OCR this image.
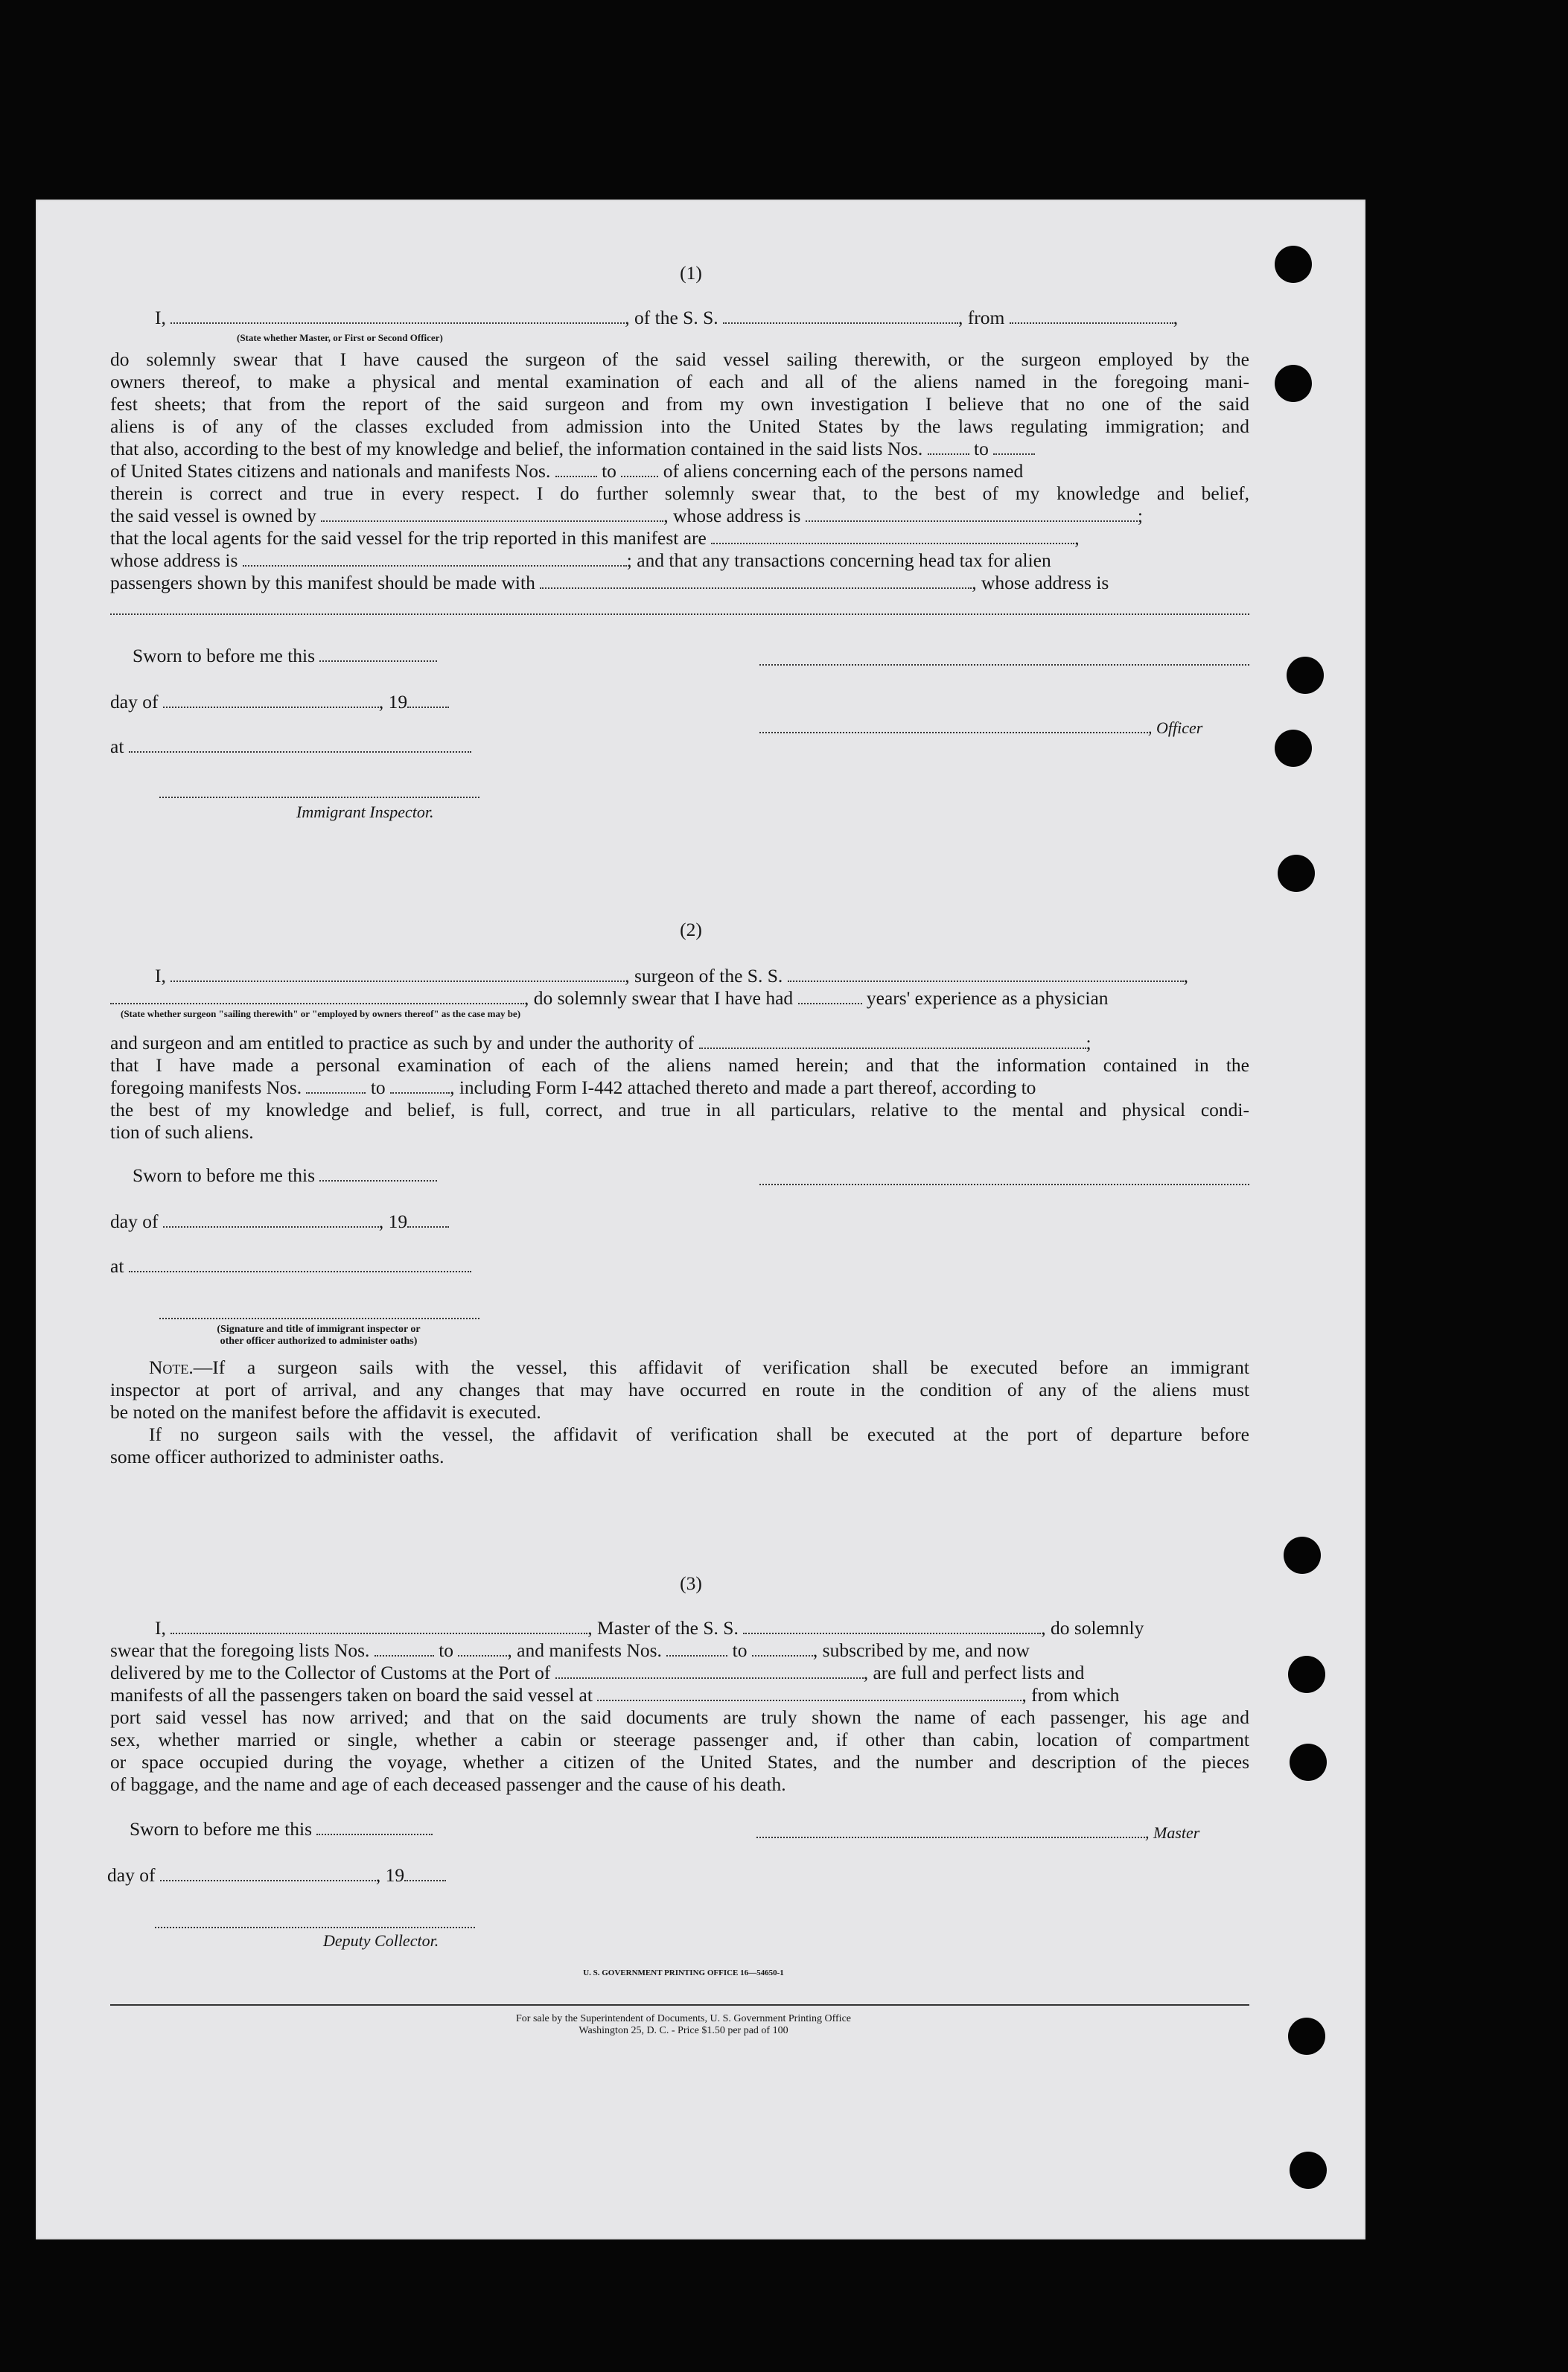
(1)
I,	, of the S. S.	, from	,
(State whether Master, or First or Second Officer)
do solemnly swear that I have caused the surgeon of the said vessel sailing therewith, or the surgeon employed by the
owners thereof, to make a physical and mental examination of each and all of the aliens named in the foregoing mani-
fest sheets; that from the report of the said surgeon and from my own investigation I believe that no one of the said
aliens is of any of the classes excluded from admission into the United States by the laws regulating immigration; and
that also, according to the best of my knowledge and belief, the information contained in the said lists Nos.	to
of United States citizens and nationals and manifests Nos.	to of aliens concerning each of the persons named
therein is correct and true in every respect. I do further solemnly swear that, to the best of my knowledge and belief,
the said vessel is owned by	, whose address is	;
that the local agents for the said vessel for the trip reported in this manifest are	,
whose address is	; and that any transactions concerning head tax for alien
passengers shown by this manifest should be made with	, whose address is
Sworn to before me this
day of	, 19
, Officer
at
Immigrant Inspector.
(2)
I,	, surgeon of the S. S.	,
, do solemnly swear that I have had	years' experience as a physician
(State whether surgeon "sailing therewith" or "employed by owners thereof" as the case may be)
and surgeon and am entitled to practice as such by and under the authority of	;
that I have made a personal examination of each of the aliens named herein; and that the information contained in the
foregoing manifests Nos.	to	, including Form I-442 attached thereto and made a part thereof, according to
the best of my knowledge and belief, is full, correct, and true in all particulars, relative to the mental and physical condi-
tion of such aliens.
Sworn to before me this
day of	, 19
at
(Signature and title of immigrant inspector or
other officer authorized to administer oaths)
Note.—If a surgeon sails with the vessel, this affidavit of verification shall be executed before an immigrant
inspector at port of arrival, and any changes that may have occurred en route in the condition of any of the aliens must
be noted on the manifest before the affidavit is executed.
If no surgeon sails with the vessel, the affidavit of verification shall be executed at the port of departure before
some officer authorized to administer oaths.
(3)
I,	, Master of the S. S.	, do solemnly
swear that the foregoing lists Nos.	to	, and manifests Nos.	to	, subscribed by me, and now
delivered by me to the Collector of Customs at the Port of	, are full and perfect lists and
manifests of all the passengers taken on board the said vessel at	, from which
port said vessel has now arrived; and that on the said documents are truly shown the name of each passenger, his age and
sex, whether married or single, whether a cabin or steerage passenger and, if other than cabin, location of compartment
or space occupied during the voyage, whether a citizen of the United States, and the number and description of the pieces
of baggage, and the name and age of each deceased passenger and the cause of his death.
Sworn to before me this	, Master
day of	, 19
Deputy Collector.
U. S. GOVERNMENT PRINTING OFFICE 16—54650-1
For sale by the Superintendent of Documents, U. S. Government Printing Office
Washington 25, D. C. - Price $1.50 per pad of 100
